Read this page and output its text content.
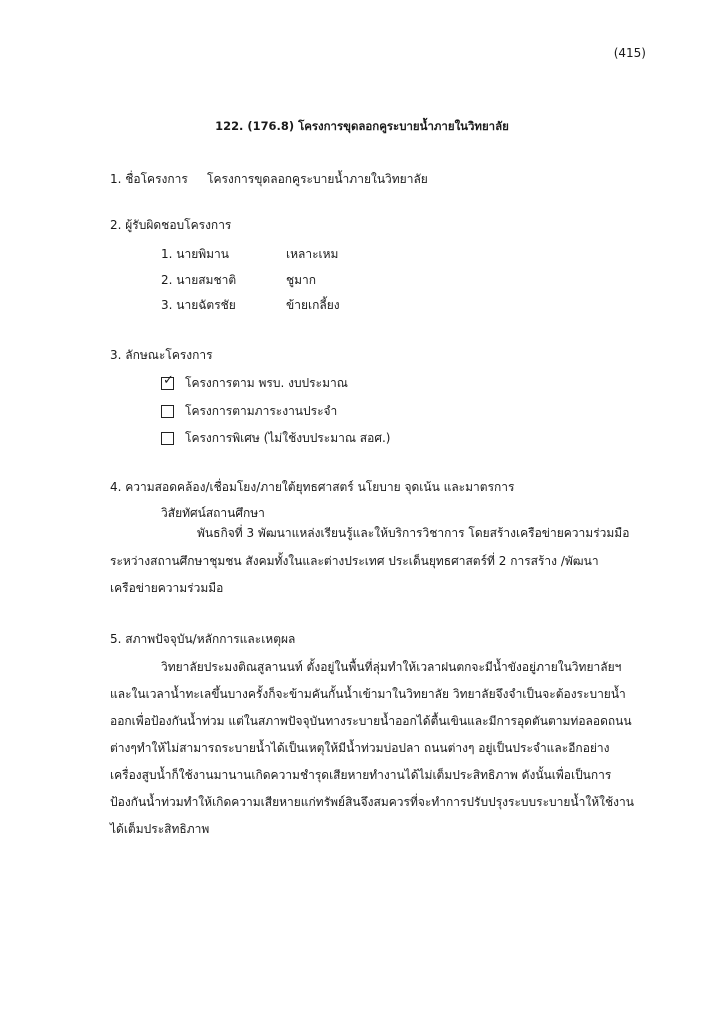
(415)
122. (176.8) โครงการขุดลอกคูระบายน้ำภายในวิทยาลัย
1. ชื่อโครงการ โครงการขุดลอกคูระบายน้ำภายในวิทยาลัย
2. ผู้รับผิดชอบโครงการ
1. นายพิมาน	เหลาะเหม
2. นายสมชาติ	ชูมาก
3. นายฉัตรชัย	ข้ายเกลี้ยง
3. ลักษณะโครงการ
✓ โครงการตาม พรบ. งบประมาณ
โครงการตามภาระงานประจำ
โครงการพิเศษ (ไม่ใช้งบประมาณ สอศ.)
4. ความสอดคล้อง/เชื่อมโยง/ภายใต้ยุทธศาสตร์ นโยบาย จุดเน้น และมาตรการ
วิสัยทัศน์สถานศึกษา
พันธกิจที่ 3 พัฒนาแหล่งเรียนรู้และให้บริการวิชาการ โดยสร้างเครือข่ายความร่วมมือ
ระหว่างสถานศึกษาชุมชน สังคมทั้งในและต่างประเทศ ประเด็นยุทธศาสตร์ที่ 2 การสร้าง /พัฒนา
เครือข่ายความร่วมมือ
5. สภาพปัจจุบัน/หลักการและเหตุผล
วิทยาลัยประมงติณสูลานนท์ ตั้งอยู่ในพื้นที่ลุ่มทำให้เวลาฝนตกจะมีน้ำขังอยู่ภายในวิทยาลัยฯ
และในเวลาน้ำทะเลขึ้นบางครั้งก็จะข้ามคันกั้นน้ำเข้ามาในวิทยาลัย วิทยาลัยจึงจำเป็นจะต้องระบายน้ำ
ออกเพื่อป้องกันน้ำท่วม แต่ในสภาพปัจจุบันทางระบายน้ำออกได้ตื้นเขินและมีการอุดตันตามท่อลอดถนน
ต่างๆทำให้ไม่สามารถระบายน้ำได้เป็นเหตุให้มีน้ำท่วมบ่อปลา ถนนต่างๆ อยู่เป็นประจำและอีกอย่าง
เครื่องสูบน้ำก็ใช้งานมานานเกิดความชำรุดเสียหายทำงานได้ไม่เต็มประสิทธิภาพ ดังนั้นเพื่อเป็นการ
ป้องกันน้ำท่วมทำให้เกิดความเสียหายแก่ทรัพย์สินจึงสมควรที่จะทำการปรับปรุงระบบระบายน้ำให้ใช้งาน
ได้เต็มประสิทธิภาพ
